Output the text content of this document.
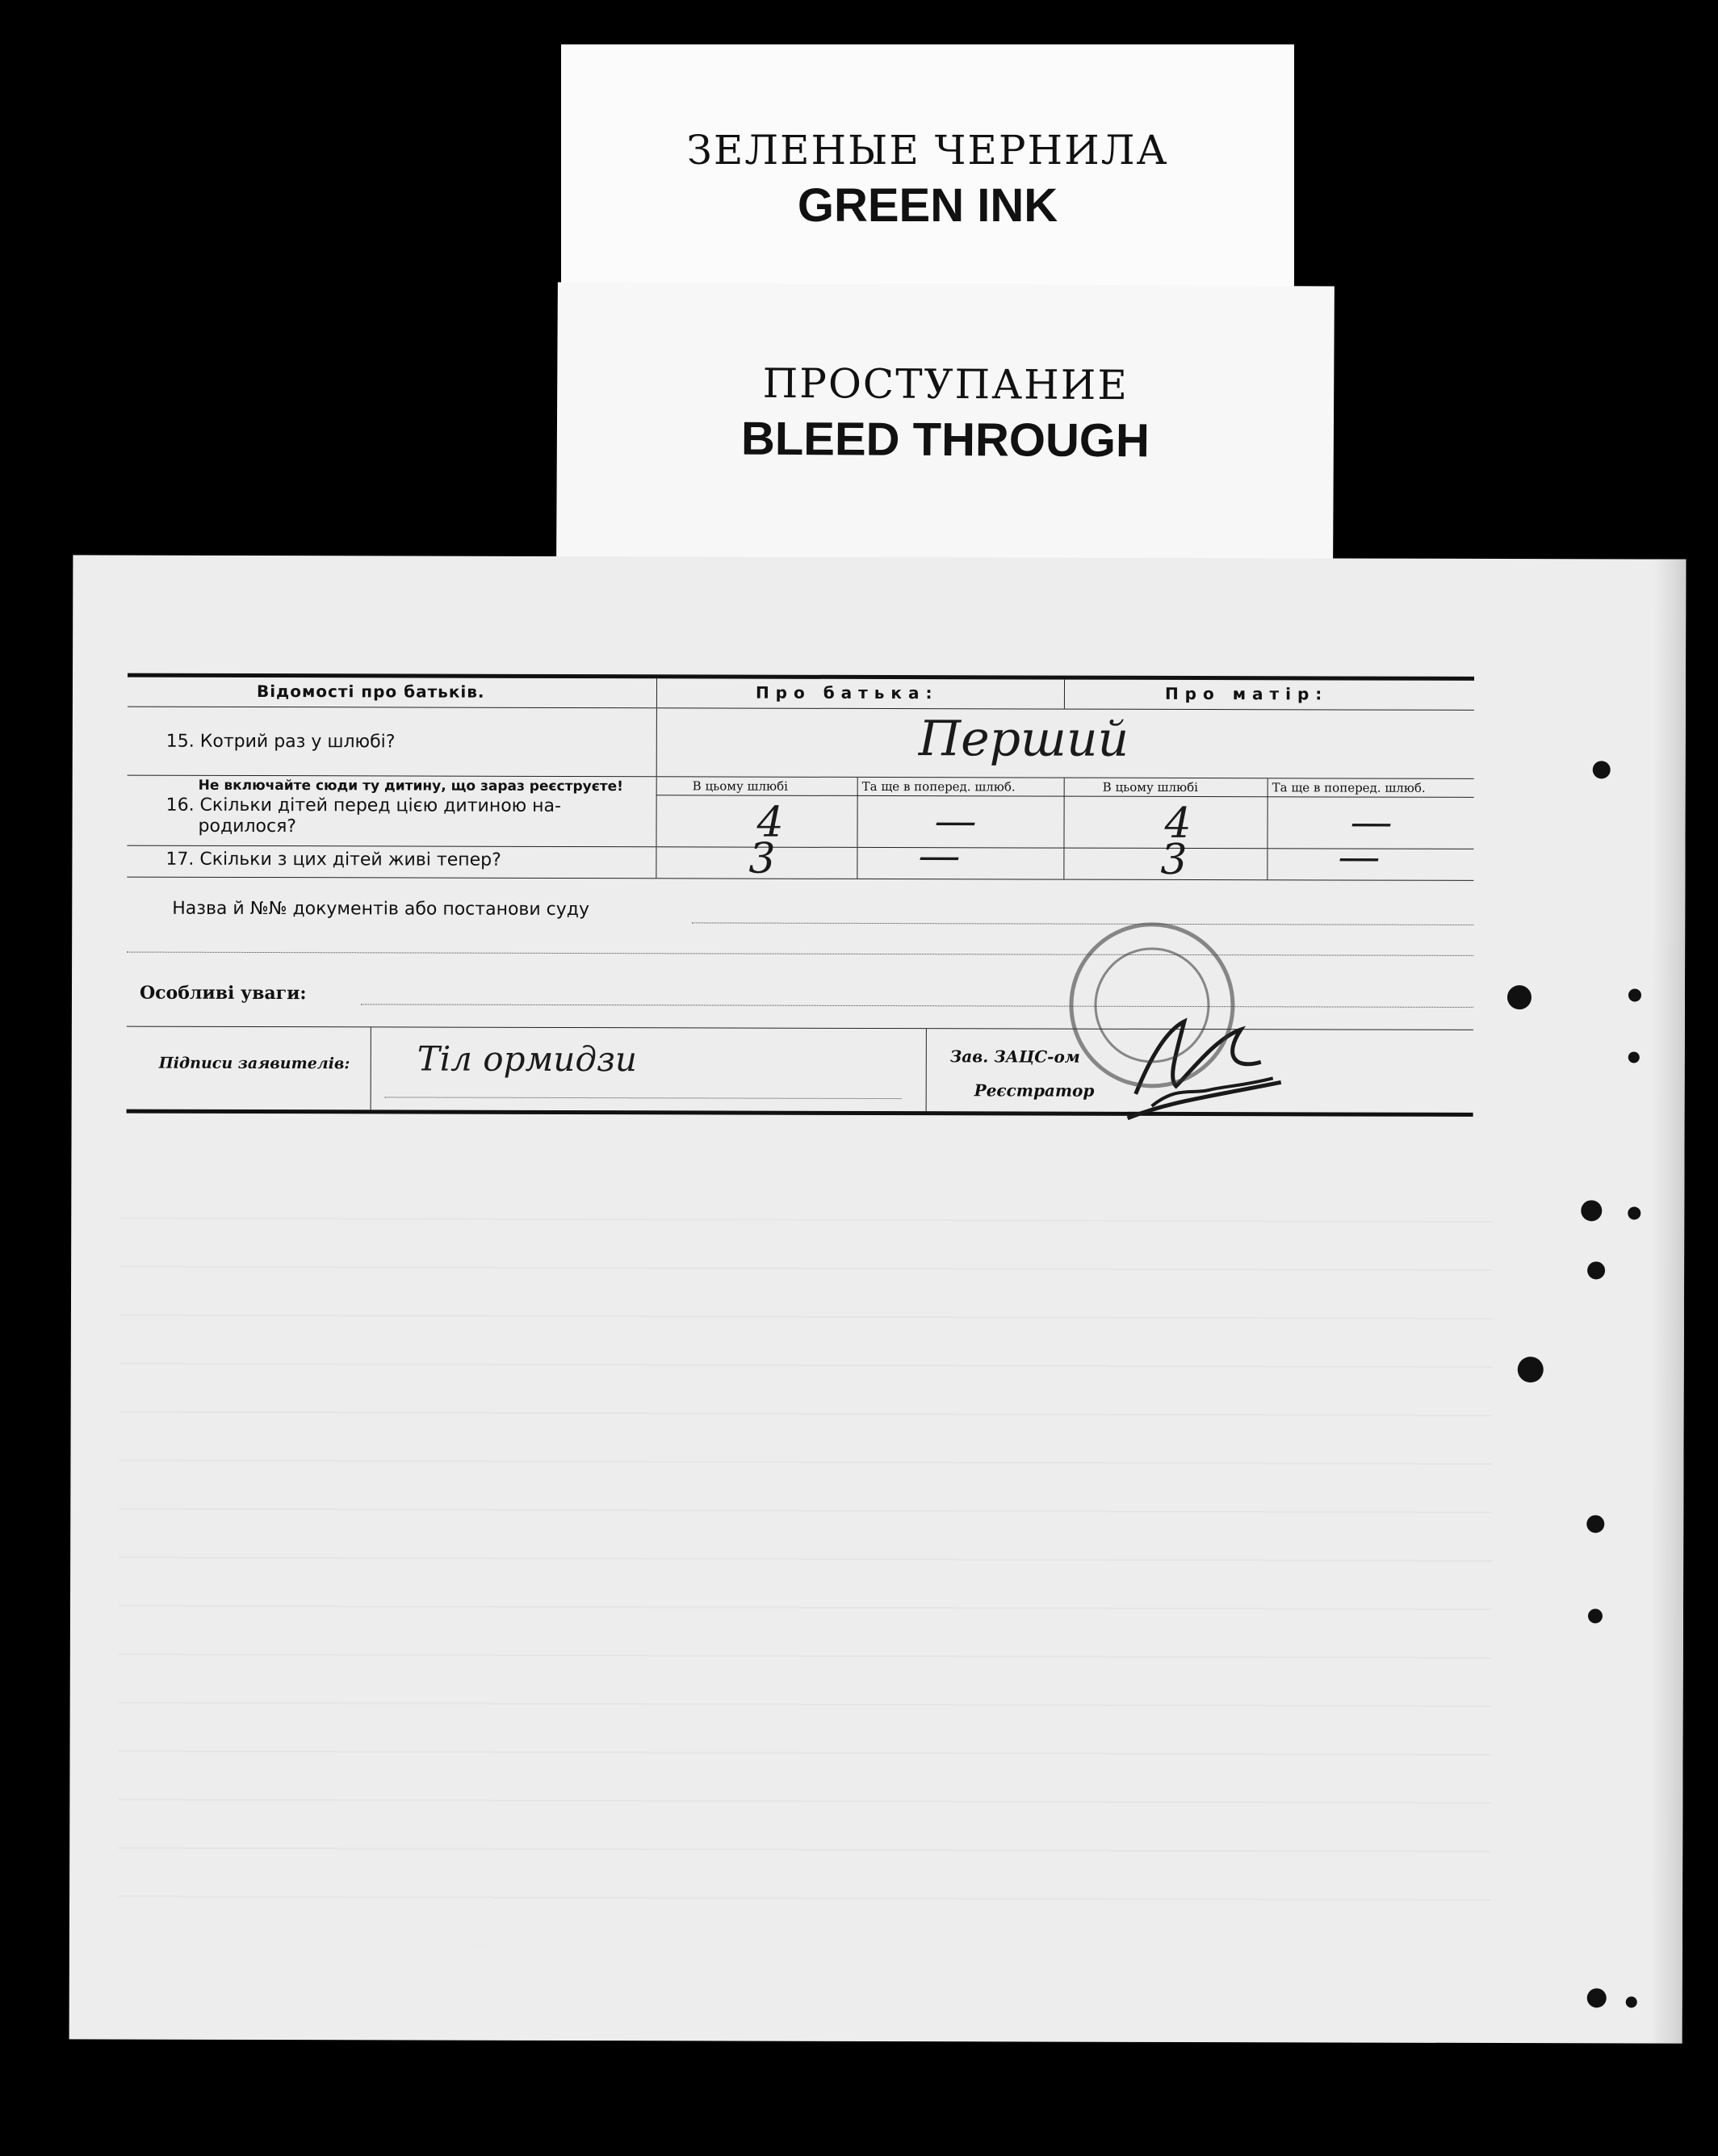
ЗЕЛЕНЫЕ ЧЕРНИЛА
GREEN INK
ПРОСТУПАНИЕ
BLEED THROUGH
Відомості про батьків.	Про батька:	Про матір:
15. Котрий раз у шлюбі?	Перший
Не включайте сюди ту дитину, що зараз реєструєте!
16. Скільки дітей перед цією дитиною на-
родилося?
В цьому шлюбі	Та ще в поперед. шлюб.	В цьому шлюбі	Та ще в поперед. шлюб.
4	—	4	—
17. Скільки з цих дітей живі тепер?	3	—	3	—
Назва й №№ документів або постанови суду
Особливі уваги:
Підписи заявителів: Тіл ормидзи	Зав. ЗАЦС-ом
Реєстратор
